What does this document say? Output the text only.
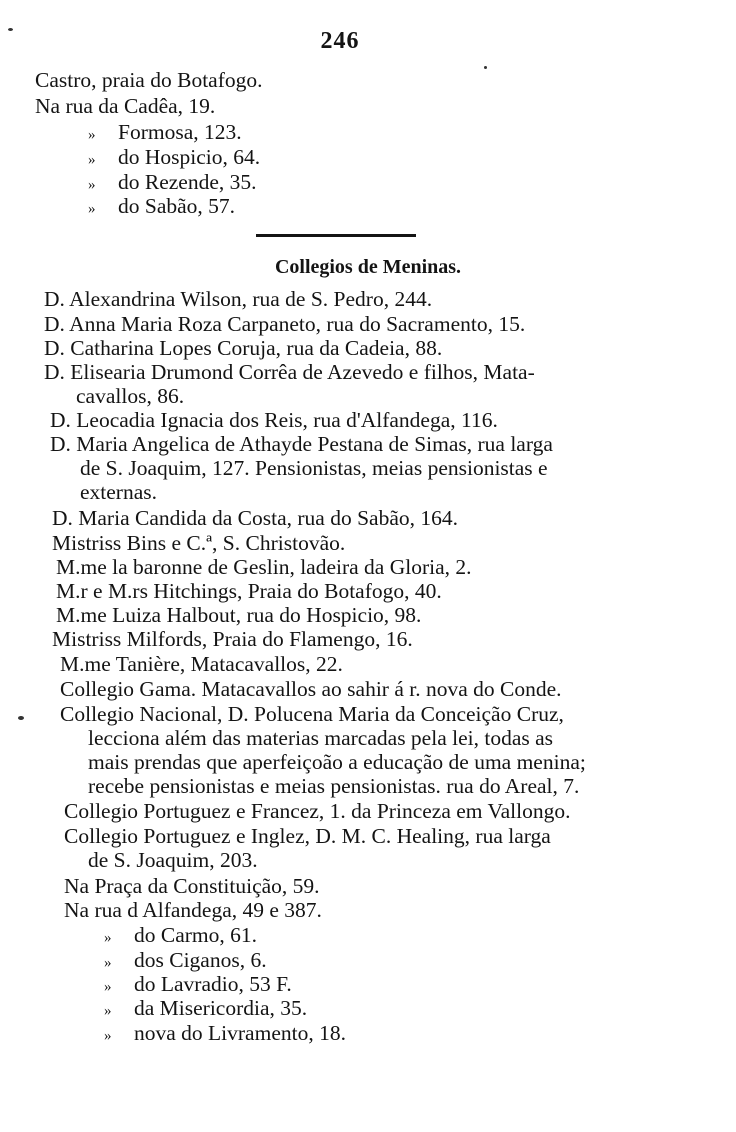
246
Castro, praia do Botafogo.
Na rua da Cadêa, 19.
» Formosa, 123.
» do Hospicio, 64.
» do Rezende, 35.
» do Sabão, 57.
Collegios de Meninas.
D. Alexandrina Wilson, rua de S. Pedro, 244.
D. Anna Maria Roza Carpaneto, rua do Sacramento, 15.
D. Catharina Lopes Coruja, rua da Cadeia, 88.
D. Elisearia Drumond Corrêa de Azevedo e filhos, Mata-
cavallos, 86.
D. Leocadia Ignacia dos Reis, rua d'Alfandega, 116.
D. Maria Angelica de Athayde Pestana de Simas, rua larga
de S. Joaquim, 127. Pensionistas, meias pensionistas e
externas.
D. Maria Candida da Costa, rua do Sabão, 164.
Mistriss Bins e C.ª, S. Christovão.
M.me la baronne de Geslin, ladeira da Gloria, 2.
M.r e M.rs Hitchings, Praia do Botafogo, 40.
M.me Luiza Halbout, rua do Hospicio, 98.
Mistriss Milfords, Praia do Flamengo, 16.
M.me Tanière, Matacavallos, 22.
Collegio Gama. Matacavallos ao sahir á r. nova do Conde.
Collegio Nacional, D. Polucena Maria da Conceição Cruz,
lecciona além das materias marcadas pela lei, todas as
mais prendas que aperfeiçoão a educação de uma menina;
recebe pensionistas e meias pensionistas. rua do Areal, 7.
Collegio Portuguez e Francez, 1. da Princeza em Vallongo.
Collegio Portuguez e Inglez, D. M. C. Healing, rua larga
de S. Joaquim, 203.
Na Praça da Constituição, 59.
Na rua d Alfandega, 49 e 387.
» do Carmo, 61.
» dos Ciganos, 6.
» do Lavradio, 53 F.
» da Misericordia, 35.
» nova do Livramento, 18.
